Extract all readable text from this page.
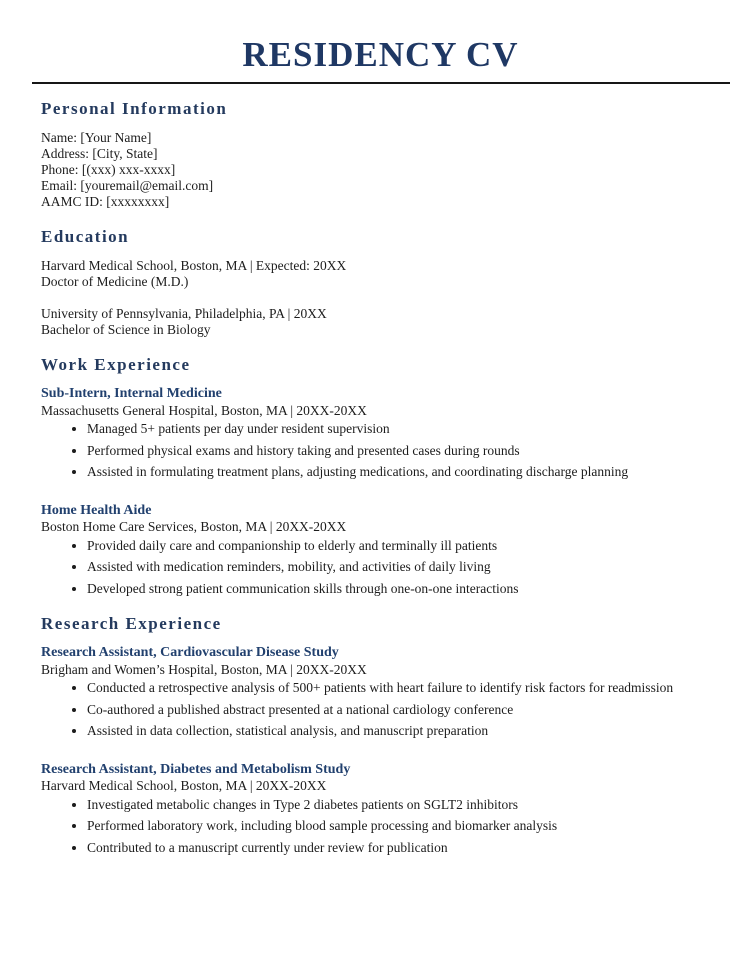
RESIDENCY CV
Personal Information
Name: [Your Name]
Address: [City, State]
Phone: [(xxx) xxx-xxxx]
Email: [youremail@email.com]
AAMC ID: [xxxxxxxx]
Education
Harvard Medical School, Boston, MA | Expected: 20XX
Doctor of Medicine (M.D.)
University of Pennsylvania, Philadelphia, PA | 20XX
Bachelor of Science in Biology
Work Experience
Sub-Intern, Internal Medicine
Massachusetts General Hospital, Boston, MA | 20XX-20XX
• Managed 5+ patients per day under resident supervision
• Performed physical exams and history taking and presented cases during rounds
• Assisted in formulating treatment plans, adjusting medications, and coordinating discharge planning
Home Health Aide
Boston Home Care Services, Boston, MA | 20XX-20XX
• Provided daily care and companionship to elderly and terminally ill patients
• Assisted with medication reminders, mobility, and activities of daily living
• Developed strong patient communication skills through one-on-one interactions
Research Experience
Research Assistant, Cardiovascular Disease Study
Brigham and Women’s Hospital, Boston, MA | 20XX-20XX
• Conducted a retrospective analysis of 500+ patients with heart failure to identify risk factors for readmission
• Co-authored a published abstract presented at a national cardiology conference
• Assisted in data collection, statistical analysis, and manuscript preparation
Research Assistant, Diabetes and Metabolism Study
Harvard Medical School, Boston, MA | 20XX-20XX
• Investigated metabolic changes in Type 2 diabetes patients on SGLT2 inhibitors
• Performed laboratory work, including blood sample processing and biomarker analysis
• Contributed to a manuscript currently under review for publication
